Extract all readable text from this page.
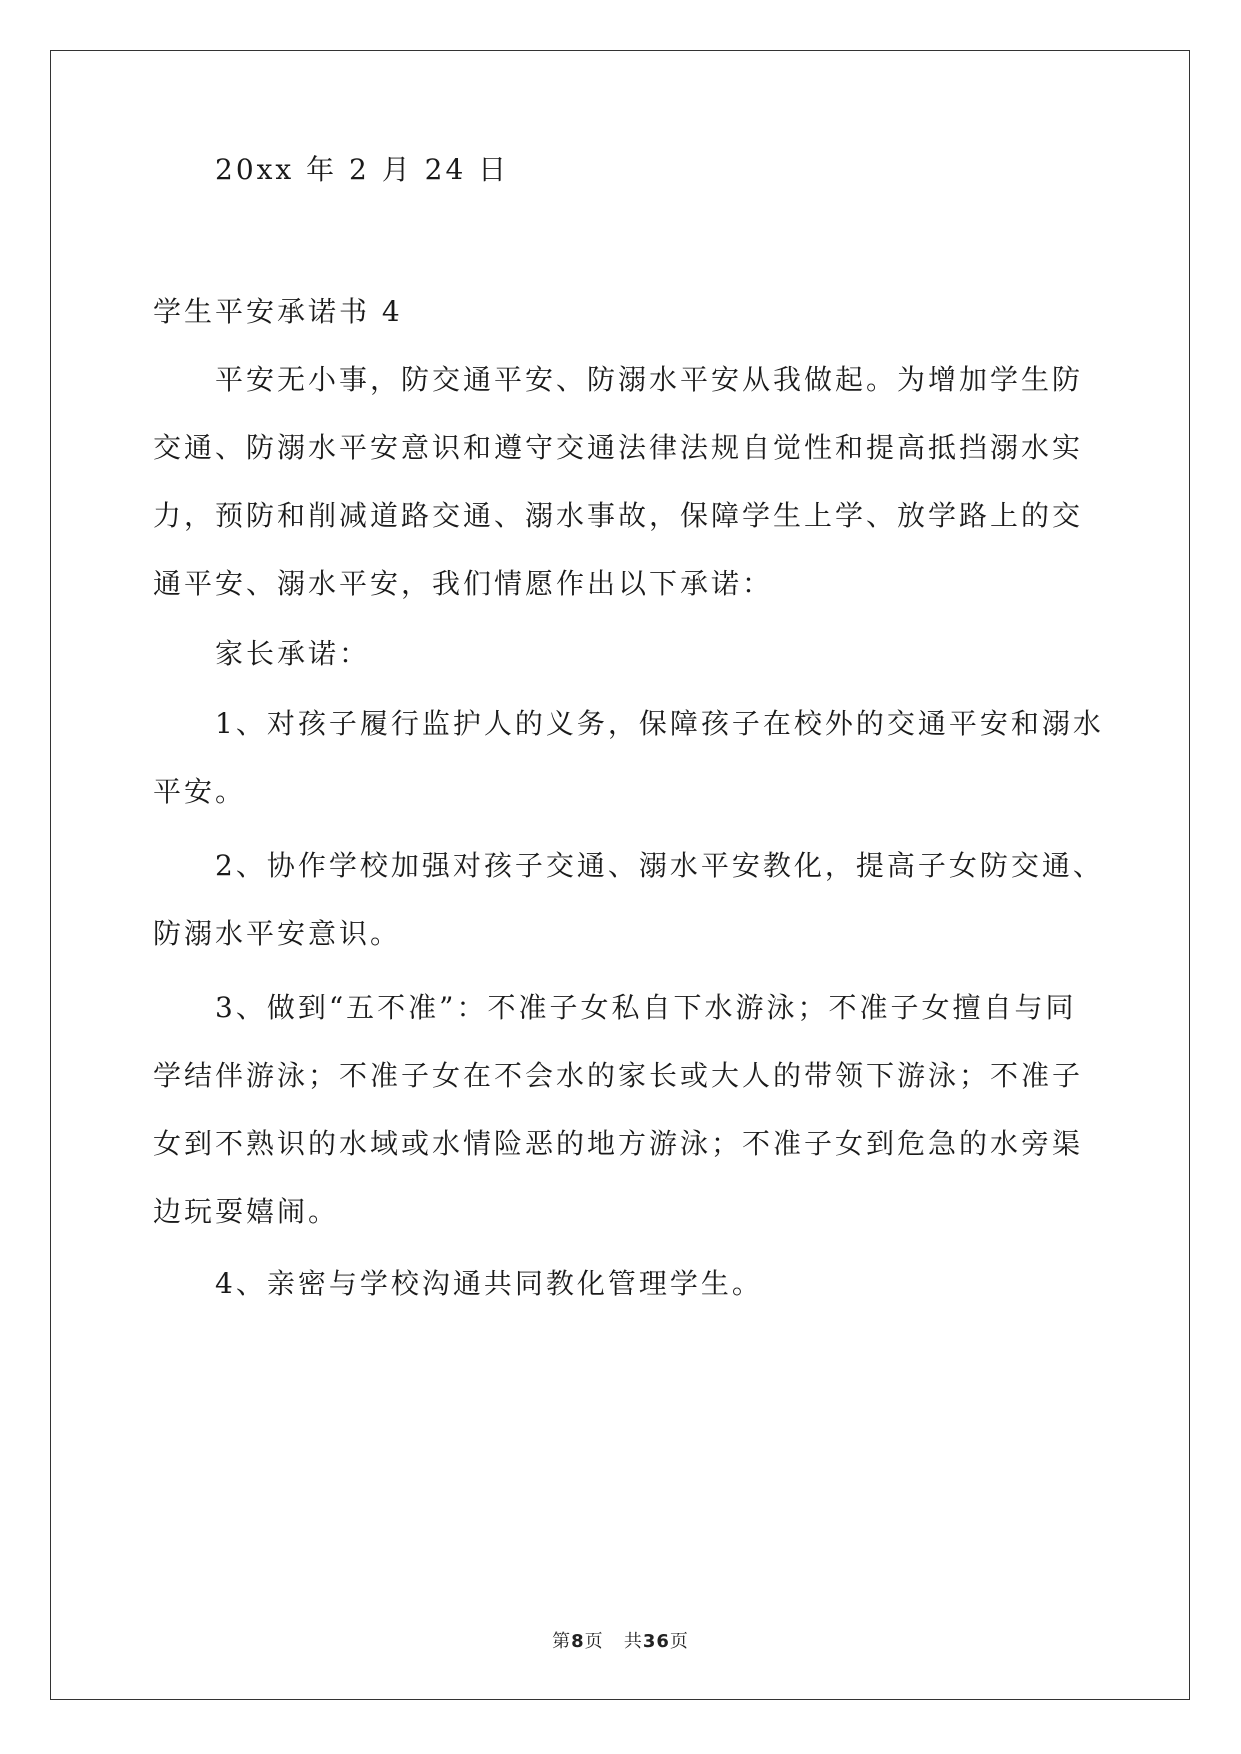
20xx 年 2 月 24 日
学生平安承诺书 4
平安无小事，防交通平安、防溺水平安从我做起。为增加学生防
交通、防溺水平安意识和遵守交通法律法规自觉性和提高抵挡溺水实
力，预防和削减道路交通、溺水事故，保障学生上学、放学路上的交
通平安、溺水平安，我们情愿作出以下承诺：
家长承诺：
1、对孩子履行监护人的义务，保障孩子在校外的交通平安和溺水
平安。
2、协作学校加强对孩子交通、溺水平安教化，提高子女防交通、
防溺水平安意识。
3、做到“五不准”：不准子女私自下水游泳；不准子女擅自与同
学结伴游泳；不准子女在不会水的家长或大人的带领下游泳；不准子
女到不熟识的水域或水情险恶的地方游泳；不准子女到危急的水旁渠
边玩耍嬉闹。
4、亲密与学校沟通共同教化管理学生。
第8页 共36页
